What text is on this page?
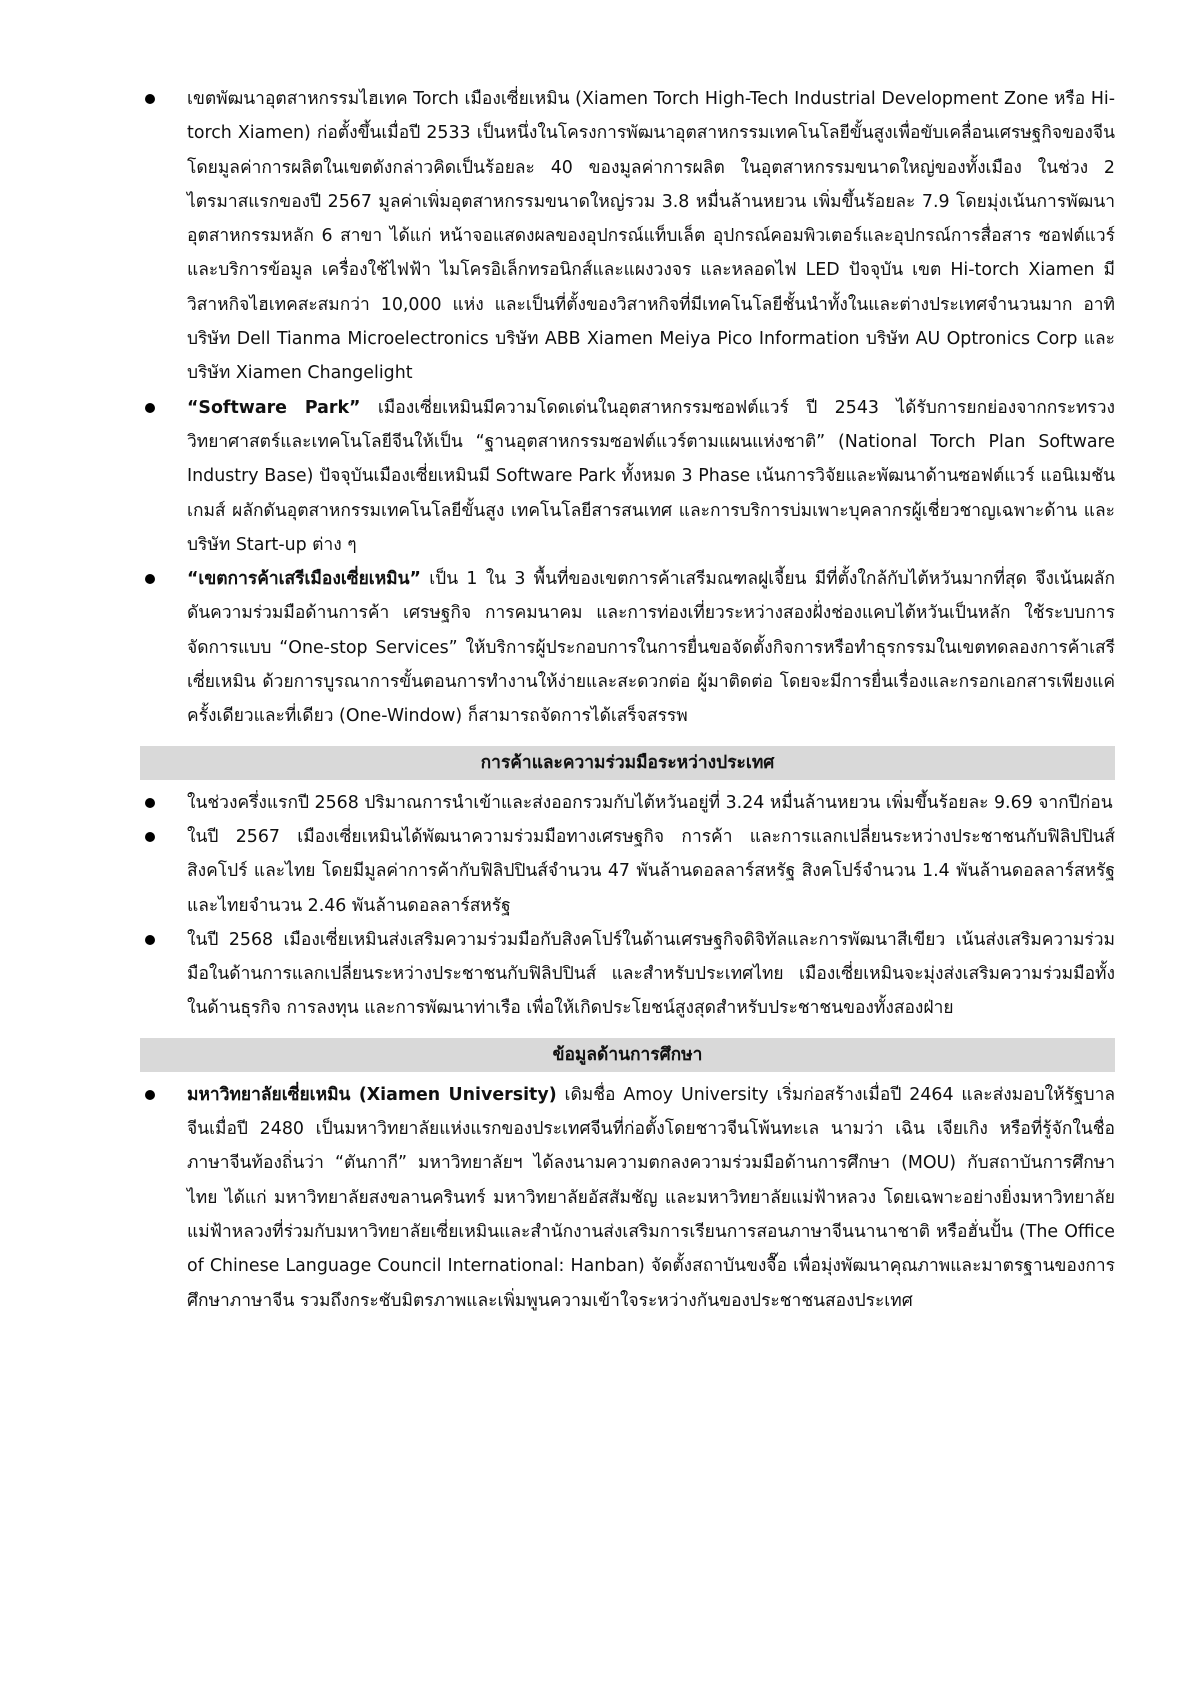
เขตพัฒนาอุตสาหกรรมไฮเทค Torch เมืองเซี่ยเหมิน (Xiamen Torch High-Tech Industrial Development Zone หรือ Hi-torch Xiamen) ก่อตั้งขึ้นเมื่อปี 2533 เป็นหนึ่งในโครงการพัฒนาอุตสาหกรรมเทคโนโลยีขั้นสูงเพื่อขับเคลื่อนเศรษฐกิจของจีน โดยมูลค่าการผลิตในเขตดังกล่าวคิดเป็นร้อยละ 40 ของมูลค่าการผลิต ในอุตสาหกรรมขนาดใหญ่ของทั้งเมือง ในช่วง 2 ไตรมาสแรกของปี 2567 มูลค่าเพิ่มอุตสาหกรรมขนาดใหญ่รวม 3.8 หมื่นล้านหยวน เพิ่มขึ้นร้อยละ 7.9 โดยมุ่งเน้นการพัฒนาอุตสาหกรรมหลัก 6 สาขา ได้แก่ หน้าจอแสดงผลของอุปกรณ์แท็บเล็ต อุปกรณ์คอมพิวเตอร์และอุปกรณ์การสื่อสาร ซอฟต์แวร์และบริการข้อมูล เครื่องใช้ไฟฟ้า ไมโครอิเล็กทรอนิกส์และแผงวงจร และหลอดไฟ LED ปัจจุบัน เขต Hi-torch Xiamen มีวิสาหกิจไฮเทคสะสมกว่า 10,000 แห่ง และเป็นที่ตั้งของวิสาหกิจที่มีเทคโนโลยีชั้นนำทั้งในและต่างประเทศจำนวนมาก อาทิ บริษัท Dell Tianma Microelectronics บริษัท ABB Xiamen Meiya Pico Information บริษัท AU Optronics Corp และบริษัท Xiamen Changelight
“Software Park” เมืองเซี่ยเหมินมีความโดดเด่นในอุตสาหกรรมซอฟต์แวร์ ปี 2543 ได้รับการยกย่องจากกระทรวงวิทยาศาสตร์และเทคโนโลยีจีนให้เป็น “ฐานอุตสาหกรรมซอฟต์แวร์ตามแผนแห่งชาติ” (National Torch Plan Software Industry Base) ปัจจุบันเมืองเซี่ยเหมินมี Software Park ทั้งหมด 3 Phase เน้นการวิจัยและพัฒนาด้านซอฟต์แวร์ แอนิเมชัน เกมส์ ผลักดันอุตสาหกรรมเทคโนโลยีขั้นสูง เทคโนโลยีสารสนเทศ และการบริการบ่มเพาะบุคลากรผู้เชี่ยวชาญเฉพาะด้าน และบริษัท Start-up ต่าง ๆ
“เขตการค้าเสรีเมืองเซี่ยเหมิน” เป็น 1 ใน 3 พื้นที่ของเขตการค้าเสรีมณฑลฝูเจี้ยน มีที่ตั้งใกล้กับไต้หวันมากที่สุด จึงเน้นผลักดันความร่วมมือด้านการค้า เศรษฐกิจ การคมนาคม และการท่องเที่ยวระหว่างสองฝั่งช่องแคบไต้หวันเป็นหลัก ใช้ระบบการจัดการแบบ “One-stop Services” ให้บริการผู้ประกอบการในการยื่นขอจัดตั้งกิจการหรือทำธุรกรรมในเขตทดลองการค้าเสรีเซี่ยเหมิน ด้วยการบูรณาการขั้นตอนการทำงานให้ง่ายและสะดวกต่อ ผู้มาติดต่อ โดยจะมีการยื่นเรื่องและกรอกเอกสารเพียงแค่ครั้งเดียวและที่เดียว (One-Window) ก็สามารถจัดการได้เสร็จสรรพ
การค้าและความร่วมมือระหว่างประเทศ
ในช่วงครึ่งแรกปี 2568 ปริมาณการนำเข้าและส่งออกรวมกับไต้หวันอยู่ที่ 3.24 หมื่นล้านหยวน เพิ่มขึ้นร้อยละ 9.69 จากปีก่อน
ในปี 2567 เมืองเซี่ยเหมินได้พัฒนาความร่วมมือทางเศรษฐกิจ การค้า และการแลกเปลี่ยนระหว่างประชาชนกับฟิลิปปินส์ สิงคโปร์ และไทย โดยมีมูลค่าการค้ากับฟิลิปปินส์จำนวน 47 พันล้านดอลลาร์สหรัฐ สิงคโปร์จำนวน 1.4 พันล้านดอลลาร์สหรัฐ และไทยจำนวน 2.46 พันล้านดอลลาร์สหรัฐ
ในปี 2568 เมืองเซี่ยเหมินส่งเสริมความร่วมมือกับสิงคโปร์ในด้านเศรษฐกิจดิจิทัลและการพัฒนาสีเขียว เน้นส่งเสริมความร่วมมือในด้านการแลกเปลี่ยนระหว่างประชาชนกับฟิลิปปินส์ และสำหรับประเทศไทย เมืองเซี่ยเหมินจะมุ่งส่งเสริมความร่วมมือทั้งในด้านธุรกิจ การลงทุน และการพัฒนาท่าเรือ เพื่อให้เกิดประโยชน์สูงสุดสำหรับประชาชนของทั้งสองฝ่าย
ข้อมูลด้านการศึกษา
มหาวิทยาลัยเซี่ยเหมิน (Xiamen University) เดิมชื่อ Amoy University เริ่มก่อสร้างเมื่อปี 2464 และส่งมอบให้รัฐบาลจีนเมื่อปี 2480 เป็นมหาวิทยาลัยแห่งแรกของประเทศจีนที่ก่อตั้งโดยชาวจีนโพ้นทะเล นามว่า เฉิน เจียเกิง หรือที่รู้จักในชื่อภาษาจีนท้องถิ่นว่า “ตันกากี” มหาวิทยาลัยฯ ได้ลงนามความตกลงความร่วมมือด้านการศึกษา (MOU) กับสถาบันการศึกษาไทย ได้แก่ มหาวิทยาลัยสงขลานครินทร์ มหาวิทยาลัยอัสสัมชัญ และมหาวิทยาลัยแม่ฟ้าหลวง โดยเฉพาะอย่างยิ่งมหาวิทยาลัยแม่ฟ้าหลวงที่ร่วมกับมหาวิทยาลัยเซี่ยเหมินและสำนักงานส่งเสริมการเรียนการสอนภาษาจีนนานาชาติ หรือฮั่นปั้น (The Office of Chinese Language Council International: Hanban) จัดตั้งสถาบันขงจื๊อ เพื่อมุ่งพัฒนาคุณภาพและมาตรฐานของการศึกษาภาษาจีน รวมถึงกระชับมิตรภาพและเพิ่มพูนความเข้าใจระหว่างกันของประชาชนสองประเทศ
